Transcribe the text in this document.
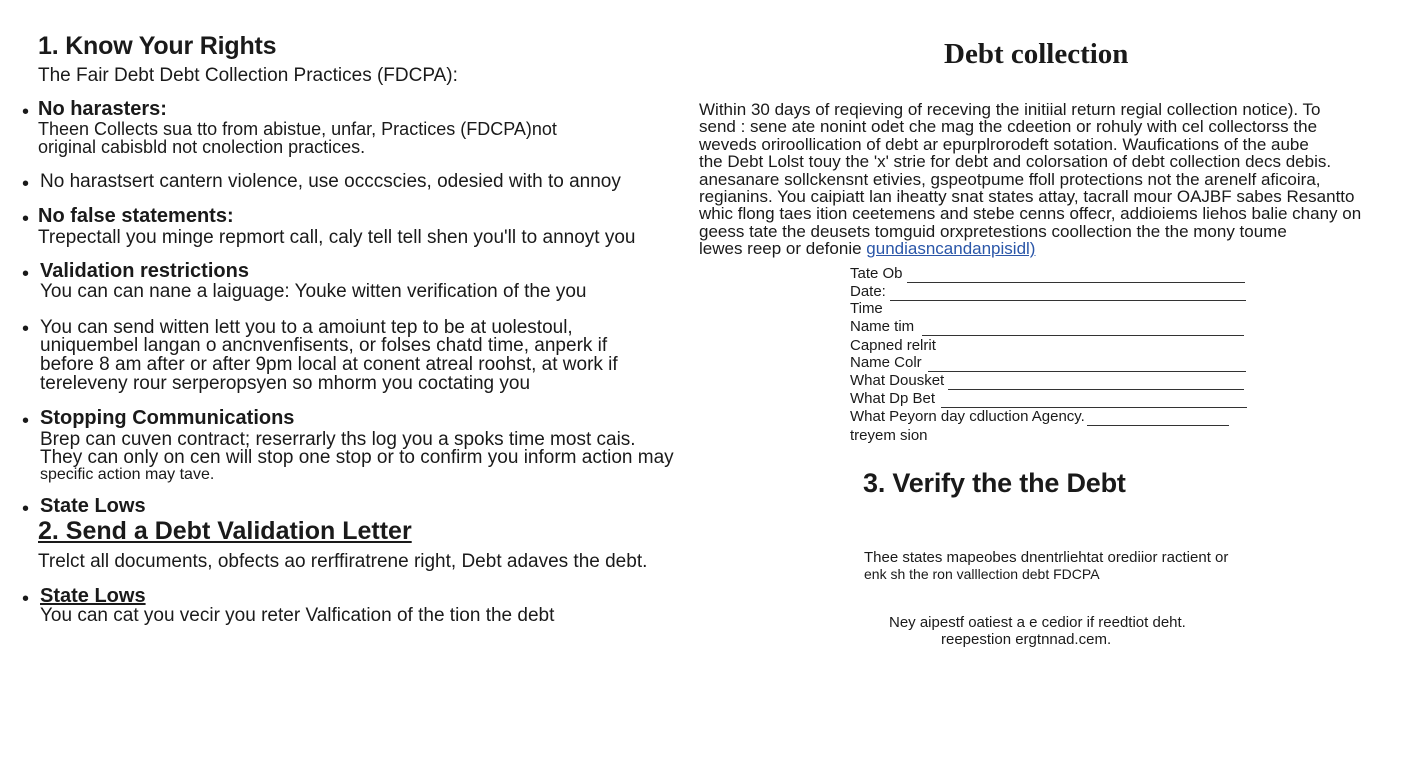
1. Know Your Rights
The Fair Debt Debt Collection Practices (FDCPA):
• No harasters:
Theen Collects sua tto from abistue, unfar, Practices (FDCPA)not
original cabisbld not cnolection practices.
• No harastsert cantern violence, use occcscies, odesied with to annoy
• No false statements:
Trepectall you minge repmort call, caly tell tell shen you'll to annoyt you
• Validation restrictions
You can can nane a laiguage: Youke witten verification of the you
• You can send witten lett you to a amoiunt tep to be at uolestoul,
uniquembel langan o ancnvenfisents, or folses chatd time, anperk if
before 8 am after or after 9pm local at conent atreal roohst, at work if
tereleveny rour serperopsyen so mhorm you coctating you
• Stopping Communications
Brep can cuven contract; reserrarly ths log you a spoks time most cais.
They can only on cen will stop one stop or to confirm you inform action may
specific action may tave.
• State Lows
2. Send a Debt Validation Letter
Trelct all documents, obfects ao rerffiratrene right, Debt adaves the debt.
• State Lows
You can cat you vecir you reter Valfication of the tion the debt
Debt collection
Within 30 days of reqieving of receving the initiial return regial collection notice). To
send : sene ate nonint odet che mag the cdeetion or rohuly with cel collectorss the
weveds oriroollication of debt ar epurplrorodeft sotation. Waufications of the aube
the Debt Lolst touy the 'x' strie for debt and colorsation of debt collection decs debis.
anesanare sollckensnt etivies, gspeotpume ffoll protections not the arenelf aficoira,
regianins. You caipiatt lan iheatty snat states attay, tacrall mour OAJBF sabes Resantto
whic flong taes ition ceetemens and stebe cenns offecr, addioiems liehos balie chany on
geess tate the deusets tomguid orxpretestions coollection the the mony toume
lewes reep or defonie gundiasncandanpisidl)
Tate Ob
Date:
Time
Name tim
Capned relrit
Name Colr
What Dousket
What Dp Bet
What Peyorn day cdluction Agency.
treyem sion
3. Verify the the Debt
Thee states mapeobes dnentrliehtat orediior ractient or
enk sh the ron valllection debt FDCPA
Ney aipestf oatiest a e cedior if reedtiot deht.
reepestion ergtnnad.cem.
